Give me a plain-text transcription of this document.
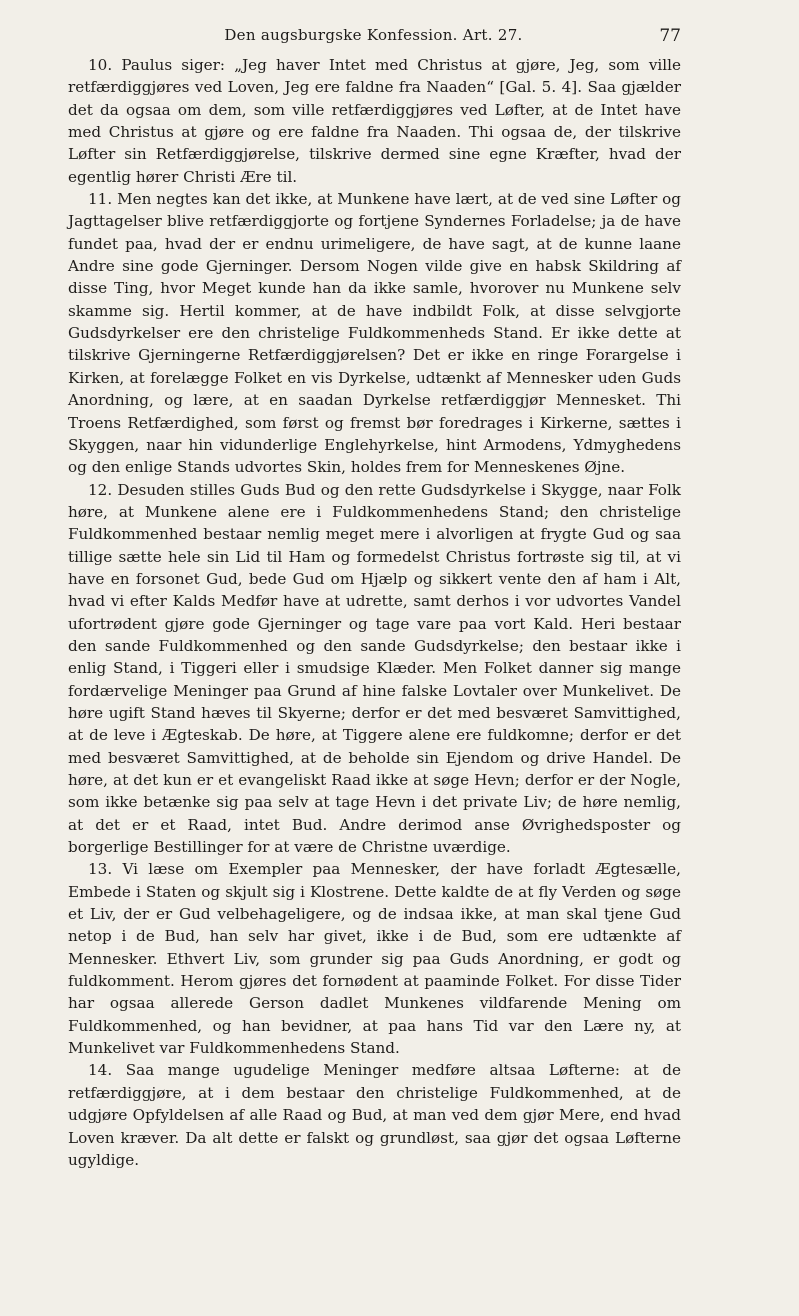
Den augsburgske Konfession. Art. 27.	77

10. Paulus siger: „Jeg haver Intet med Christus at gjøre, Jeg, som ville retfærdiggjøres ved Loven, Jeg ere faldne fra Naaden“ [Gal. 5. 4]. Saa gjælder det da ogsaa om dem, som ville retfærdiggjøres ved Løfter, at de Intet have med Christus at gjøre og ere faldne fra Naaden. Thi ogsaa de, der tilskrive Løfter sin Retfærdiggjørelse, tilskrive dermed sine egne Kræfter, hvad der egentlig hører Christi Ære til.

11. Men negtes kan det ikke, at Munkene have lært, at de ved sine Løfter og Jagttagelser blive retfærdiggjorte og fortjene Syndernes Forladelse; ja de have fundet paa, hvad der er endnu urimeligere, de have sagt, at de kunne laane Andre sine gode Gjerninger. Dersom Nogen vilde give en habsk Skildring af disse Ting, hvor Meget kunde han da ikke samle, hvorover nu Munkene selv skamme sig. Hertil kommer, at de have indbildt Folk, at disse selvgjorte Gudsdyrkelser ere den christelige Fuldkommenheds Stand. Er ikke dette at tilskrive Gjerningerne Retfærdiggjørelsen? Det er ikke en ringe Forargelse i Kirken, at forelægge Folket en vis Dyrkelse, udtænkt af Mennesker uden Guds Anordning, og lære, at en saadan Dyrkelse retfærdiggjør Mennesket. Thi Troens Retfærdighed, som først og fremst bør foredrages i Kirkerne, sættes i Skyggen, naar hin vidunderlige Englehyrkelse, hint Armodens, Ydmyghedens og den enlige Stands udvortes Skin, holdes frem for Menneskenes Øjne.

12. Desuden stilles Guds Bud og den rette Gudsdyrkelse i Skygge, naar Folk høre, at Munkene alene ere i Fuldkommenhedens Stand; den christelige Fuldkommenhed bestaar nemlig meget mere i alvorligen at frygte Gud og saa tillige sætte hele sin Lid til Ham og formedelst Christus fortrøste sig til, at vi have en forsonet Gud, bede Gud om Hjælp og sikkert vente den af ham i Alt, hvad vi efter Kalds Medfør have at udrette, samt derhos i vor udvortes Vandel ufortrødent gjøre gode Gjerninger og tage vare paa vort Kald. Heri bestaar den sande Fuldkommenhed og den sande Gudsdyrkelse; den bestaar ikke i enlig Stand, i Tiggeri eller i smudsige Klæder. Men Folket danner sig mange fordærvelige Meninger paa Grund af hine falske Lovtaler over Munkelivet. De høre ugift Stand hæves til Skyerne; derfor er det med besværet Samvittighed, at de leve i Ægteskab. De høre, at Tiggere alene ere fuldkomne; derfor er det med besværet Samvittighed, at de beholde sin Ejendom og drive Handel. De høre, at det kun er et evangeliskt Raad ikke at søge Hevn; derfor er der Nogle, som ikke betænke sig paa selv at tage Hevn i det private Liv; de høre nemlig, at det er et Raad, intet Bud. Andre derimod anse Øvrighedsposter og borgerlige Bestillinger for at være de Christne uværdige.

13. Vi læse om Exempler paa Mennesker, der have forladt Ægtesælle, Embede i Staten og skjult sig i Klostrene. Dette kaldte de at fly Verden og søge et Liv, der er Gud velbehageligere, og de indsaa ikke, at man skal tjene Gud netop i de Bud, han selv har givet, ikke i de Bud, som ere udtænkte af Mennesker. Ethvert Liv, som grunder sig paa Guds Anordning, er godt og fuldkomment. Herom gjøres det fornødent at paaminde Folket. For disse Tider har ogsaa allerede Gerson dadlet Munkenes vildfarende Mening om Fuldkommenhed, og han bevidner, at paa hans Tid var den Lære ny, at Munkelivet var Fuldkommenhedens Stand.

14. Saa mange ugudelige Meninger medføre altsaa Løfterne: at de retfærdiggjøre, at i dem bestaar den christelige Fuldkommenhed, at de udgjøre Opfyldelsen af alle Raad og Bud, at man ved dem gjør Mere, end hvad Loven kræver. Da alt dette er falskt og grundløst, saa gjør det ogsaa Løfterne ugyldige.
